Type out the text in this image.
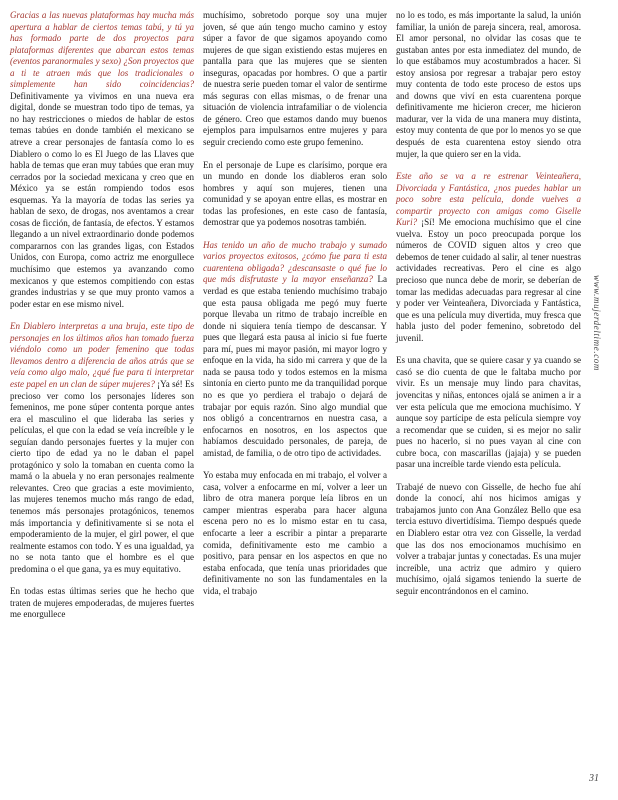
Gracias a las nuevas plataformas hay mucha más apertura a hablar de ciertos temas tabú, y tú ya has formado parte de dos proyectos para plataformas diferentes que abarcan estos temas (eventos paranormales y sexo) ¿Son proyectos que a ti te atraen más que los tradicionales o simplemente han sido coincidencias? Definitivamente ya vivimos en una nueva era digital, donde se muestran todo tipo de temas, ya no hay restricciones o miedos de hablar de estos temas tabúes en donde también el mexicano se atreve a crear personajes de fantasía como lo es Diablero o como lo es El Juego de las Llaves que habla de temas que eran muy tabúes que eran muy cerrados por la sociedad mexicana y creo que en México ya se están rompiendo todos esos esquemas. Ya la mayoría de todas las series ya hablan de sexo, de drogas, nos aventamos a crear cosas de ficción, de fantasía, de efectos. Y estamos llegando a un nivel extraordinario donde podemos compararnos con las grandes ligas, con Estados Unidos, con Europa, como actriz me enorgullece muchísimo que estemos ya avanzando como mexicanos y que estemos compitiendo con estas grandes industrias y se que muy pronto vamos a poder estar en ese mismo nivel.

En Diablero interpretas a una bruja, este tipo de personajes en los últimos años han tomado fuerza viéndolo como un poder femenino que todas llevamos dentro a diferencia de años atrás que se veía como algo malo, ¿qué fue para ti interpretar este papel en un clan de súper mujeres? ¡Ya sé! Es precioso ver como los personajes líderes son femeninos, me pone súper contenta porque antes era el masculino el que lideraba las series y películas, el que con la edad se veía increíble y le seguían dando personajes fuertes y la mujer con cierto tipo de edad ya no le daban el papel protagónico y solo la tomaban en cuenta como la mamá o la abuela y no eran personajes realmente relevantes. Creo que gracias a este movimiento, las mujeres tenemos mucho más rango de edad, tenemos más personajes protagónicos, tenemos más importancia y definitivamente si se nota el empoderamiento de la mujer, el girl power, el que realmente estamos con todo. Y es una igualdad, ya no se nota tanto que el hombre es el que predomina o el que gana, ya es muy equitativo.

En todas estas últimas series que he hecho que traten de mujeres empoderadas, de mujeres fuertes me enorgullece

muchísimo, sobretodo porque soy una mujer joven, sé que aún tengo mucho camino y estoy súper a favor de que sigamos apoyando como mujeres de que sigan existiendo estas mujeres en pantalla para que las mujeres que se sienten inseguras, opacadas por hombres. O que a partir de nuestra serie pueden tomar el valor de sentirme más seguras con ellas mismas, o de frenar una situación de violencia intrafamiliar o de violencia de género. Creo que estamos dando muy buenos ejemplos para impulsarnos entre mujeres y para seguir creciendo como este grupo femenino.

En el personaje de Lupe es clarísimo, porque era un mundo en donde los diableros eran solo hombres y aquí son mujeres, tienen una comunidad y se apoyan entre ellas, es mostrar en todas las profesiones, en este caso de fantasía, demostrar que ya podemos nosotras también.

Has tenido un año de mucho trabajo y sumado varios proyectos exitosos, ¿cómo fue para ti esta cuarentena obligada? ¿descansaste o qué fue lo que más disfrutaste y la mayor enseñanza? La verdad es que estaba teniendo muchísimo trabajo que esta pausa obligada me pegó muy fuerte porque llevaba un ritmo de trabajo increíble en donde ni siquiera tenía tiempo de descansar. Y pues que llegará esta pausa al inicio si fue fuerte para mí, pues mi mayor pasión, mi mayor logro y enfoque en la vida, ha sido mi carrera y que de la nada se pausa todo y todos estemos en la misma sintonía en cierto punto me da tranquilidad porque no es que yo perdiera el trabajo o dejará de trabajar por equis razón. Sino algo mundial que nos obligó a concentrarnos en nuestra casa, a enfocarnos en nosotros, en los aspectos que habíamos descuidado personales, de pareja, de amistad, de familia, o de otro tipo de actividades.

Yo estaba muy enfocada en mi trabajo, el volver a casa, volver a enfocarme en mí, volver a leer un libro de otra manera porque leía libros en un camper mientras esperaba para hacer alguna escena pero no es lo mismo estar en tu casa, enfocarte a leer a escribir a pintar a prepararte comida, definitivamente esto me cambio a positivo, para pensar en los aspectos en que no estaba enfocada, que tenía unas prioridades que definitivamente no son las fundamentales en la vida, el trabajo

no lo es todo, es más importante la salud, la unión familiar, la unión de pareja sincera, real, amorosa. El amor personal, no olvidar las cosas que te gustaban antes por esta inmediatez del mundo, de lo que estábamos muy acostumbrados a hacer. Si estoy ansiosa por regresar a trabajar pero estoy muy contenta de todo este proceso de estos ups and downs que viví en esta cuarentena porque definitivamente me hicieron crecer, me hicieron madurar, ver la vida de una manera muy distinta, estoy muy contenta de que por lo menos yo se que después de esta cuarentena estoy siendo otra mujer, la que quiero ser en la vida.

Este año se va a re estrenar Veinteañera, Divorciada y Fantástica, ¿nos puedes hablar un poco sobre esta película, donde vuelves a compartir proyecto con amigas como Giselle Kuri? ¡Sí! Me emociona muchísimo que el cine vuelva. Estoy un poco preocupada porque los números de COVID siguen altos y creo que debemos de tener cuidado al salir, al tener nuestras actividades recreativas. Pero el cine es algo precioso que nunca debe de morir, se deberían de tomar las medidas adecuadas para regresar al cine y poder ver Veinteañera, Divorciada y Fantástica, que es una película muy divertida, muy fresca que habla justo del poder femenino, sobretodo del juvenil.

Es una chavita, que se quiere casar y ya cuando se casó se dio cuenta de que le faltaba mucho por vivir. Es un mensaje muy lindo para chavitas, jovencitas y niñas, entonces ojalá se animen a ir a ver esta película que me emociona muchísimo. Y aunque soy partícipe de esta película siempre voy a recomendar que se cuiden, si es mejor no salir pues no hacerlo, si no pues vayan al cine con cubre boca, con mascarillas (jajaja) y se pueden pasar una increíble tarde viendo esta película.

Trabajé de nuevo con Gisselle, de hecho fue ahí donde la conocí, ahí nos hicimos amigas y trabajamos junto con Ana González Bello que esa tercia estuvo divertidísima. Tiempo después quede en Diablero estar otra vez con Gisselle, la verdad que las dos nos emocionamos muchísimo en volver a trabajar juntas y conectadas. Es una mujer increíble, una actriz que admiro y quiero muchísimo, ojalá sigamos teniendo la suerte de seguir encontrándonos en el camino.

www.mujerdeltime.com
31
